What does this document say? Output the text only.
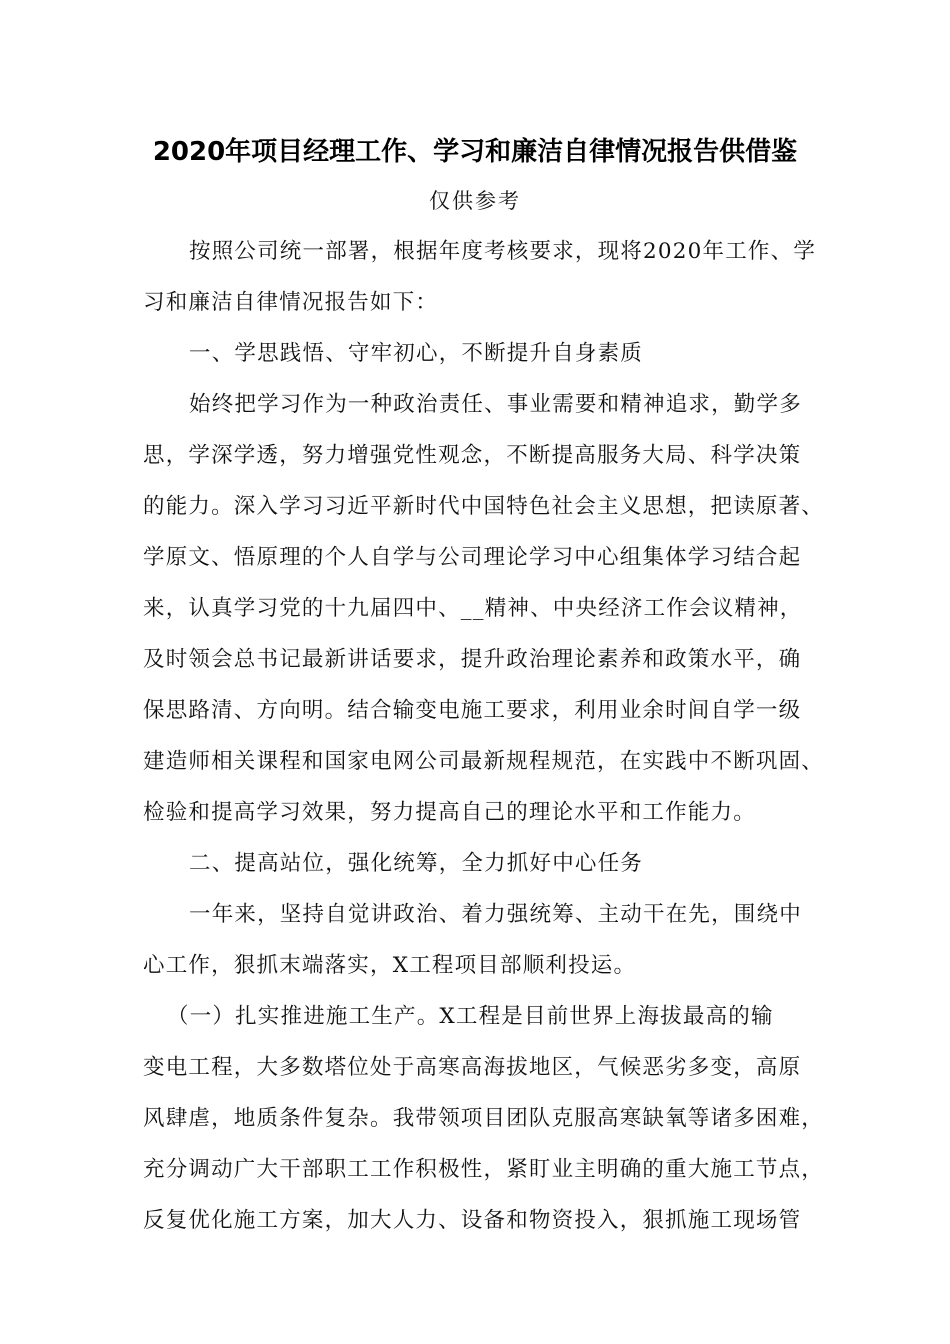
2020年项目经理工作、学习和廉洁自律情况报告供借鉴
仅供参考
按照公司统一部署，根据年度考核要求，现将2020年工作、学
习和廉洁自律情况报告如下：
一、学思践悟、守牢初心，不断提升自身素质
始终把学习作为一种政治责任、事业需要和精神追求，勤学多
思，学深学透，努力增强党性观念，不断提高服务大局、科学决策
的能力。深入学习习近平新时代中国特色社会主义思想，把读原著、
学原文、悟原理的个人自学与公司理论学习中心组集体学习结合起
来，认真学习党的十九届四中、__精神、中央经济工作会议精神，
及时领会总书记最新讲话要求，提升政治理论素养和政策水平，确
保思路清、方向明。结合输变电施工要求，利用业余时间自学一级
建造师相关课程和国家电网公司最新规程规范，在实践中不断巩固、
检验和提高学习效果，努力提高自己的理论水平和工作能力。
二、提高站位，强化统筹，全力抓好中心任务
一年来，坚持自觉讲政治、着力强统筹、主动干在先，围绕中
心工作，狠抓末端落实，X工程项目部顺利投运。
（一）扎实推进施工生产。X工程是目前世界上海拔最高的输
变电工程，大多数塔位处于高寒高海拔地区，气候恶劣多变，高原
风肆虐，地质条件复杂。我带领项目团队克服高寒缺氧等诸多困难，
充分调动广大干部职工工作积极性，紧盯业主明确的重大施工节点，
反复优化施工方案，加大人力、设备和物资投入，狠抓施工现场管
